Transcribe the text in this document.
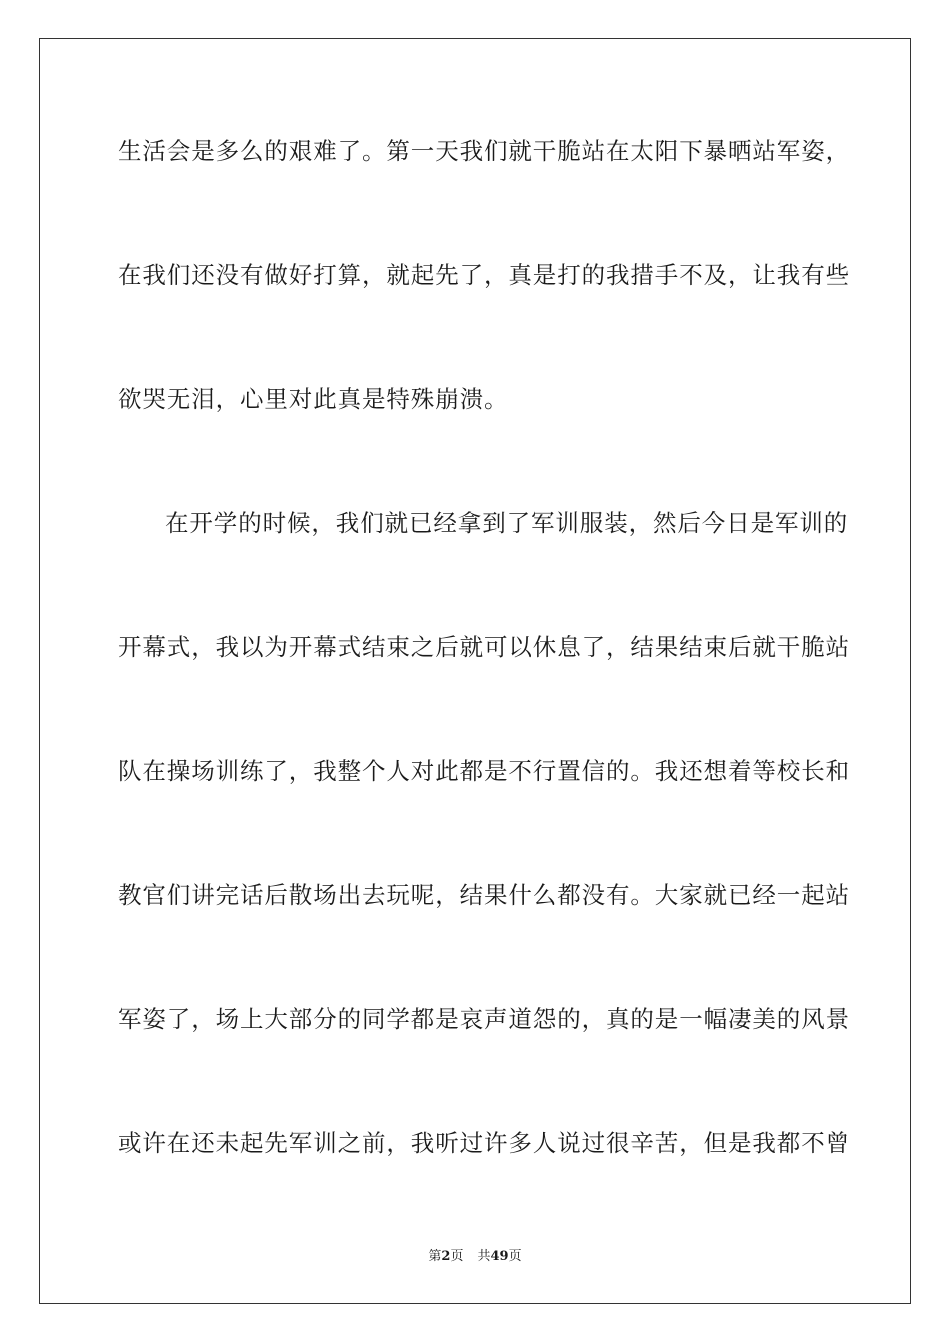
生活会是多么的艰难了。第一天我们就干脆站在太阳下暴晒站军姿，
在我们还没有做好打算，就起先了，真是打的我措手不及，让我有些
欲哭无泪，心里对此真是特殊崩溃。
在开学的时候，我们就已经拿到了军训服装，然后今日是军训的
开幕式，我以为开幕式结束之后就可以休息了，结果结束后就干脆站
队在操场训练了，我整个人对此都是不行置信的。我还想着等校长和
教官们讲完话后散场出去玩呢，结果什么都没有。大家就已经一起站
军姿了，场上大部分的同学都是哀声道怨的，真的是一幅凄美的风景
或许在还未起先军训之前，我听过许多人说过很辛苦，但是我都不曾
第2页 共49页
